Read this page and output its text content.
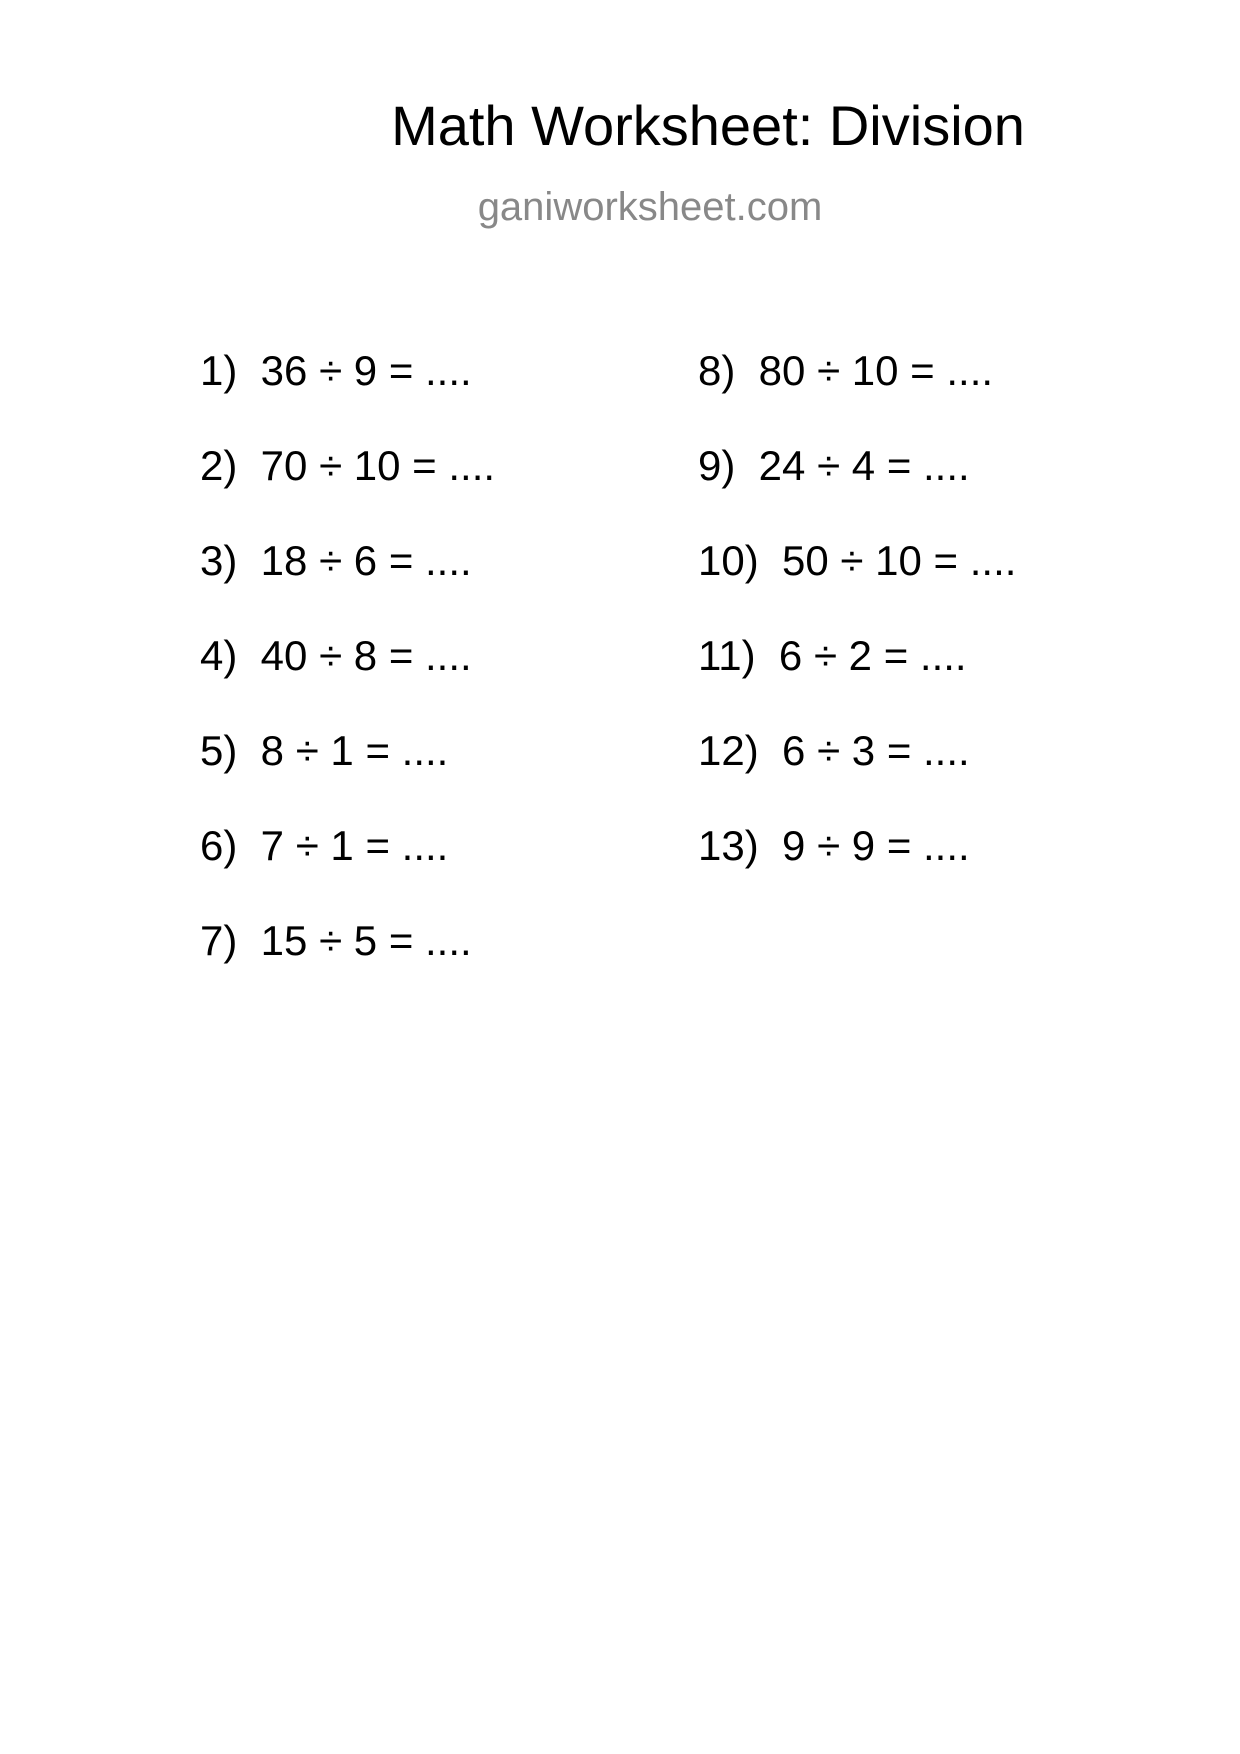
Math Worksheet: Division
ganiworksheet.com
1)  36 ÷ 9 = ....
2)  70 ÷ 10 = ....
3)  18 ÷ 6 = ....
4)  40 ÷ 8 = ....
5)  8 ÷ 1 = ....
6)  7 ÷ 1 = ....
7)  15 ÷ 5 = ....
8)  80 ÷ 10 = ....
9)  24 ÷ 4 = ....
10)  50 ÷ 10 = ....
11)  6 ÷ 2 = ....
12)  6 ÷ 3 = ....
13)  9 ÷ 9 = ....
